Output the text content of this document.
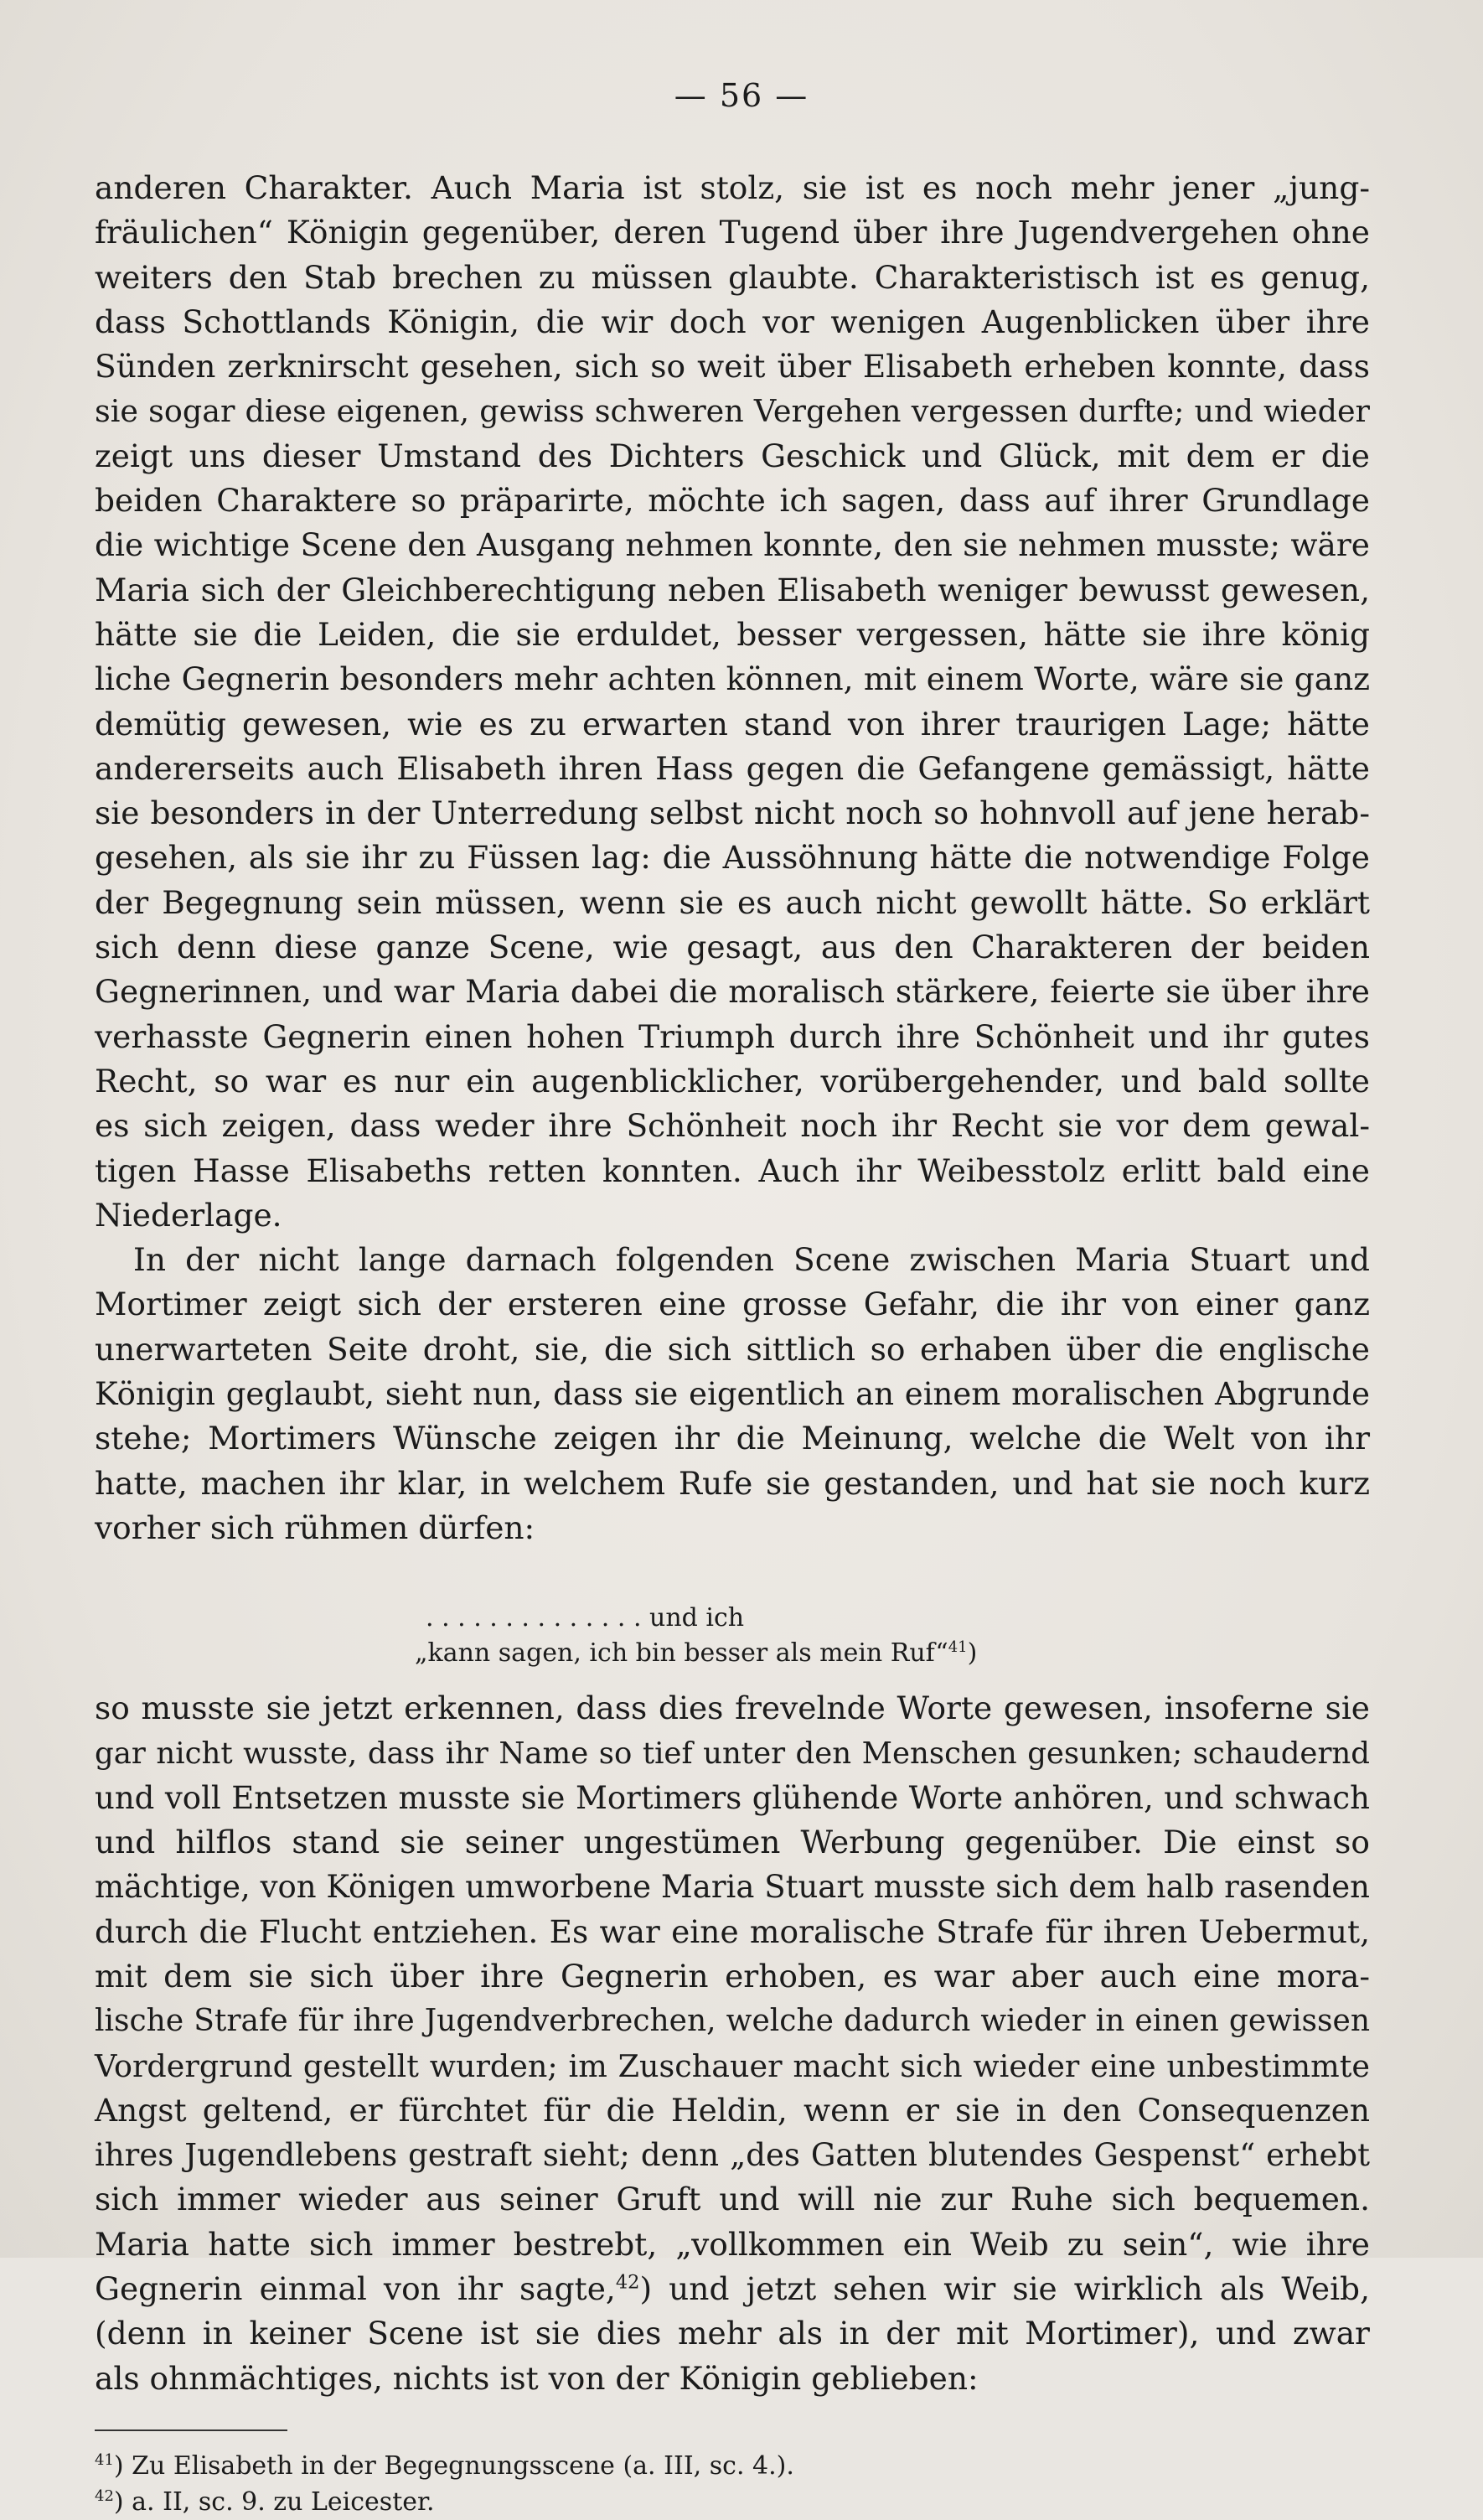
— 56 —
anderen Charakter. Auch Maria ist stolz, sie ist es noch mehr jener „jung-
fräulichen“ Königin gegenüber, deren Tugend über ihre Jugendvergehen ohne
weiters den Stab brechen zu müssen glaubte. Charakteristisch ist es genug,
dass Schottlands Königin, die wir doch vor wenigen Augenblicken über ihre
Sünden zerknirscht gesehen, sich so weit über Elisabeth erheben konnte, dass
sie sogar diese eigenen, gewiss schweren Vergehen vergessen durfte; und wieder
zeigt uns dieser Umstand des Dichters Geschick und Glück, mit dem er die
beiden Charaktere so präparirte, möchte ich sagen, dass auf ihrer Grundlage
die wichtige Scene den Ausgang nehmen konnte, den sie nehmen musste; wäre
Maria sich der Gleichberechtigung neben Elisabeth weniger bewusst gewesen,
hätte sie die Leiden, die sie erduldet, besser vergessen, hätte sie ihre könig
liche Gegnerin besonders mehr achten können, mit einem Worte, wäre sie ganz
demütig gewesen, wie es zu erwarten stand von ihrer traurigen Lage; hätte
andererseits auch Elisabeth ihren Hass gegen die Gefangene gemässigt, hätte
sie besonders in der Unterredung selbst nicht noch so hohnvoll auf jene herab-
gesehen, als sie ihr zu Füssen lag: die Aussöhnung hätte die notwendige Folge
der Begegnung sein müssen, wenn sie es auch nicht gewollt hätte. So erklärt
sich denn diese ganze Scene, wie gesagt, aus den Charakteren der beiden
Gegnerinnen, und war Maria dabei die moralisch stärkere, feierte sie über ihre
verhasste Gegnerin einen hohen Triumph durch ihre Schönheit und ihr gutes
Recht, so war es nur ein augenblicklicher, vorübergehender, und bald sollte
es sich zeigen, dass weder ihre Schönheit noch ihr Recht sie vor dem gewal-
tigen Hasse Elisabeths retten konnten. Auch ihr Weibesstolz erlitt bald eine
Niederlage.
In der nicht lange darnach folgenden Scene zwischen Maria Stuart und
Mortimer zeigt sich der ersteren eine grosse Gefahr, die ihr von einer ganz
unerwarteten Seite droht, sie, die sich sittlich so erhaben über die englische
Königin geglaubt, sieht nun, dass sie eigentlich an einem moralischen Abgrunde
stehe; Mortimers Wünsche zeigen ihr die Meinung, welche die Welt von ihr
hatte, machen ihr klar, in welchem Rufe sie gestanden, und hat sie noch kurz
vorher sich rühmen dürfen:
. . . . . . . . . . . . . . und ich
„kann sagen, ich bin besser als mein Ruf“$^{41}$)
so musste sie jetzt erkennen, dass dies frevelnde Worte gewesen, insoferne sie
gar nicht wusste, dass ihr Name so tief unter den Menschen gesunken; schaudernd
und voll Entsetzen musste sie Mortimers glühende Worte anhören, und schwach
und hilflos stand sie seiner ungestümen Werbung gegenüber. Die einst so
mächtige, von Königen umworbene Maria Stuart musste sich dem halb rasenden
durch die Flucht entziehen. Es war eine moralische Strafe für ihren Uebermut,
mit dem sie sich über ihre Gegnerin erhoben, es war aber auch eine mora-
lische Strafe für ihre Jugendverbrechen, welche dadurch wieder in einen gewissen
Vordergrund gestellt wurden; im Zuschauer macht sich wieder eine unbestimmte
Angst geltend, er fürchtet für die Heldin, wenn er sie in den Consequenzen
ihres Jugendlebens gestraft sieht; denn „des Gatten blutendes Gespenst“ erhebt
sich immer wieder aus seiner Gruft und will nie zur Ruhe sich bequemen.
Maria hatte sich immer bestrebt, „vollkommen ein Weib zu sein“, wie ihre
Gegnerin einmal von ihr sagte,$^{42}$) und jetzt sehen wir sie wirklich als Weib,
(denn in keiner Scene ist sie dies mehr als in der mit Mortimer), und zwar
als ohnmächtiges, nichts ist von der Königin geblieben:
$^{41}$) Zu Elisabeth in der Begegnungsscene (a. III, sc. 4.).
$^{42}$) a. II, sc. 9. zu Leicester.
